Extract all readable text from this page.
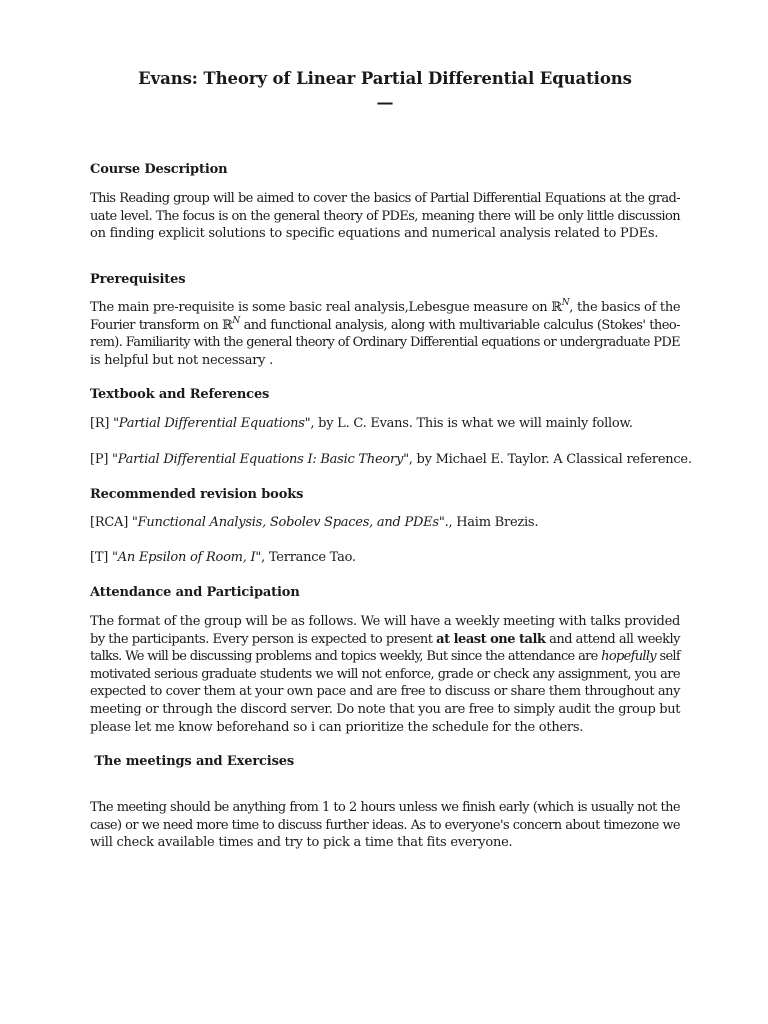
Evans: Theory of Linear Partial Differential Equations
—
Course Description
This Reading group will be aimed to cover the basics of Partial Differential Equations at the grad-
uate level. The focus is on the general theory of PDEs, meaning there will be only little discussion
on finding explicit solutions to specific equations and numerical analysis related to PDEs.
Prerequisites
The main pre-requisite is some basic real analysis,Lebesgue measure on ℝ$^N$, the basics of the
Fourier transform on ℝ$^N$ and functional analysis, along with multivariable calculus (Stokes' theo-
rem). Familiarity with the general theory of Ordinary Differential equations or undergraduate PDE
is helpful but not necessary .
Textbook and References
[R] "Partial Differential Equations", by L. C. Evans. This is what we will mainly follow.
[P] "Partial Differential Equations I: Basic Theory", by Michael E. Taylor. A Classical reference.
Recommended revision books
[RCA] "Functional Analysis, Sobolev Spaces, and PDEs"., Haim Brezis.
[T] "An Epsilon of Room, I", Terrance Tao.
Attendance and Participation
The format of the group will be as follows. We will have a weekly meeting with talks provided
by the participants. Every person is expected to present at least one talk and attend all weekly
talks. We will be discussing problems and topics weekly, But since the attendance are hopefully self
motivated serious graduate students we will not enforce, grade or check any assignment, you are
expected to cover them at your own pace and are free to discuss or share them throughout any
meeting or through the discord server. Do note that you are free to simply audit the group but
please let me know beforehand so i can prioritize the schedule for the others.
The meetings and Exercises
The meeting should be anything from 1 to 2 hours unless we finish early (which is usually not the
case) or we need more time to discuss further ideas. As to everyone's concern about timezone we
will check available times and try to pick a time that fits everyone.
